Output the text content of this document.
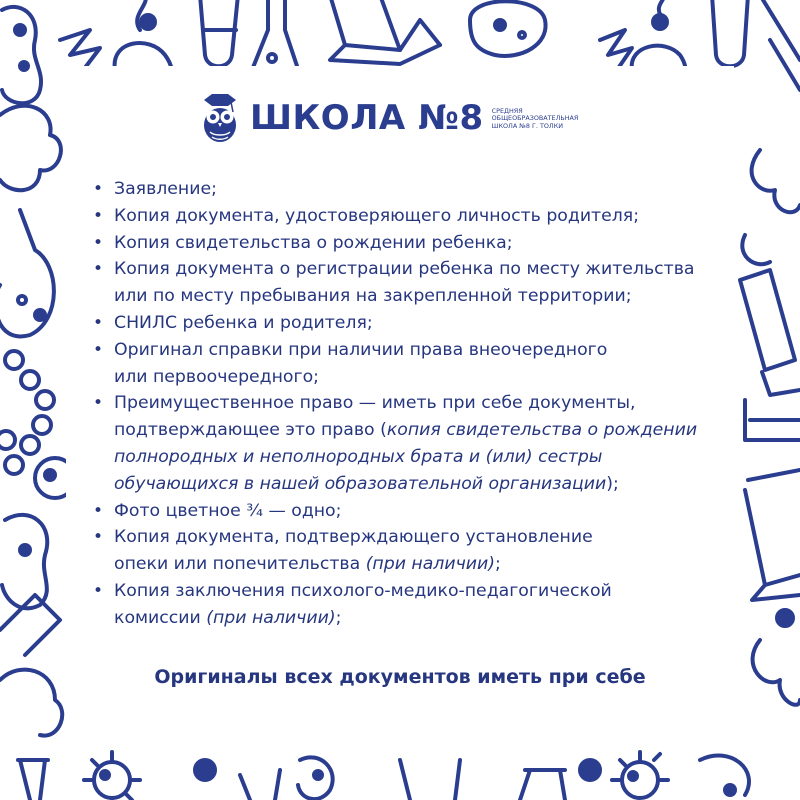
ШКОЛА №8 СРЕДНЯЯ
ОБЩЕОБРАЗОВАТЕЛЬНАЯ
ШКОЛА №8 Г. ТОЛКИ
• Заявление;
• Копия документа, удостоверяющего личность родителя;
• Копия свидетельства о рождении ребенка;
• Копия документа о регистрации ребенка по месту жительства
или по месту пребывания на закрепленной территории;
• СНИЛС ребенка и родителя;
• Оригинал справки при наличии права внеочередного
или первоочередного;
• Преимущественное право — иметь при себе документы,
подтверждающее это право (копия свидетельства о рождении
полнородных и неполнородных брата и (или) сестры
обучающихся в нашей образовательной организации);
• Фото цветное ¾ — одно;
• Копия документа, подтверждающего установление
опеки или попечительства (при наличии);
• Копия заключения психолого-медико-педагогической
комиссии (при наличии);
Оригиналы всех документов иметь при себе
